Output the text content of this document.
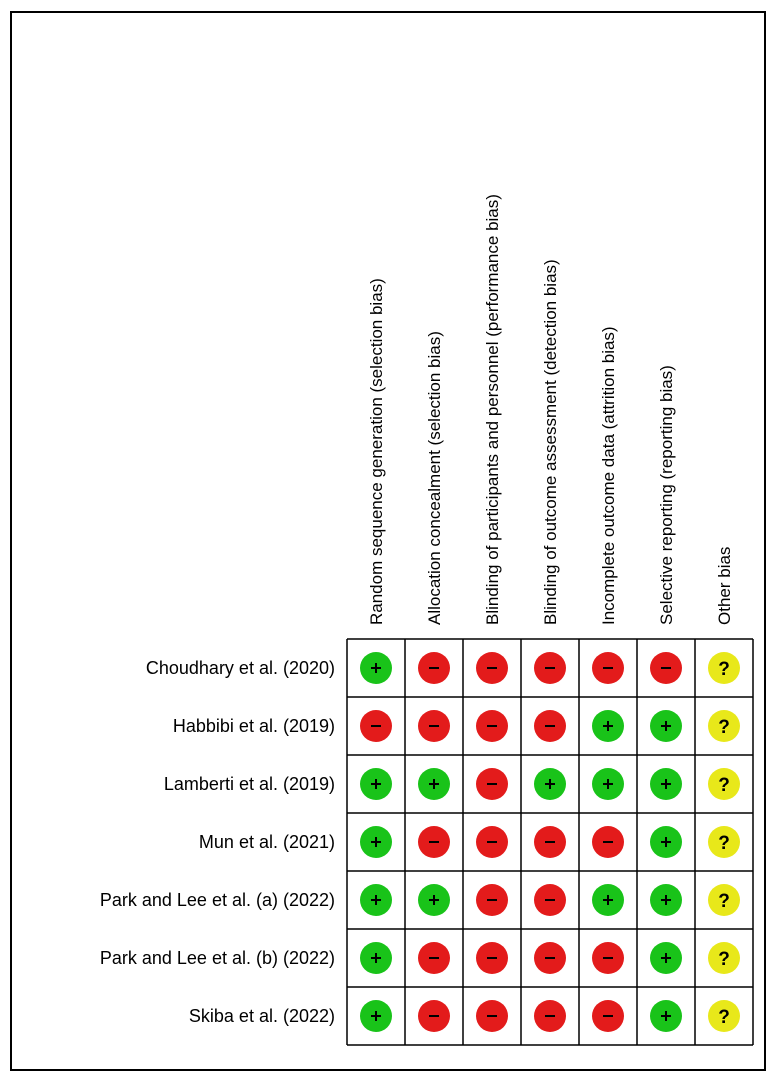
Random sequence generation (selection bias) Allocation concealment (selection bias) Blinding of participants and personnel (performance bias) Blinding of outcome assessment (detection bias) Incomplete outcome data (attrition bias) Selective reporting (reporting bias) Other bias
Choudhary et al. (2020)
Habbibi et al. (2019)
Lamberti et al. (2019)
Mun et al. (2021)
Park and Lee et al. (a) (2022)
Park and Lee et al. (b) (2022)
Skiba et al. (2022)
?
?
?
?
?
?
?
